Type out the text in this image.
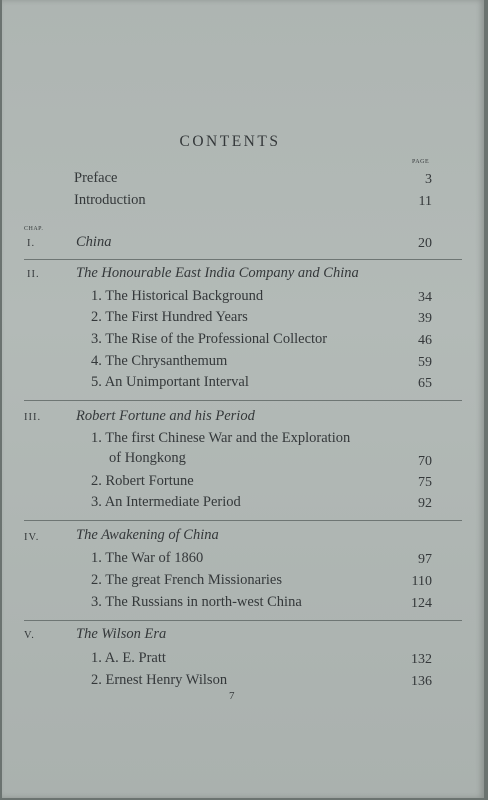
CONTENTS
PAGE
Preface	3
Introduction	11
CHAP.
I.	China	20
II.	The Honourable East India Company and China
1. The Historical Background	34
2. The First Hundred Years	39
3. The Rise of the Professional Collector	46
4. The Chrysanthemum	59
5. An Unimportant Interval	65
III. Robert Fortune and his Period
1. The first Chinese War and the Exploration
of Hongkong	70
2. Robert Fortune	75
3. An Intermediate Period	92
IV.	The Awakening of China
1. The War of 1860	97
2. The great French Missionaries	110
3. The Russians in north-west China	124
V.	The Wilson Era
1. A. E. Pratt	132
2. Ernest Henry Wilson	136
7
